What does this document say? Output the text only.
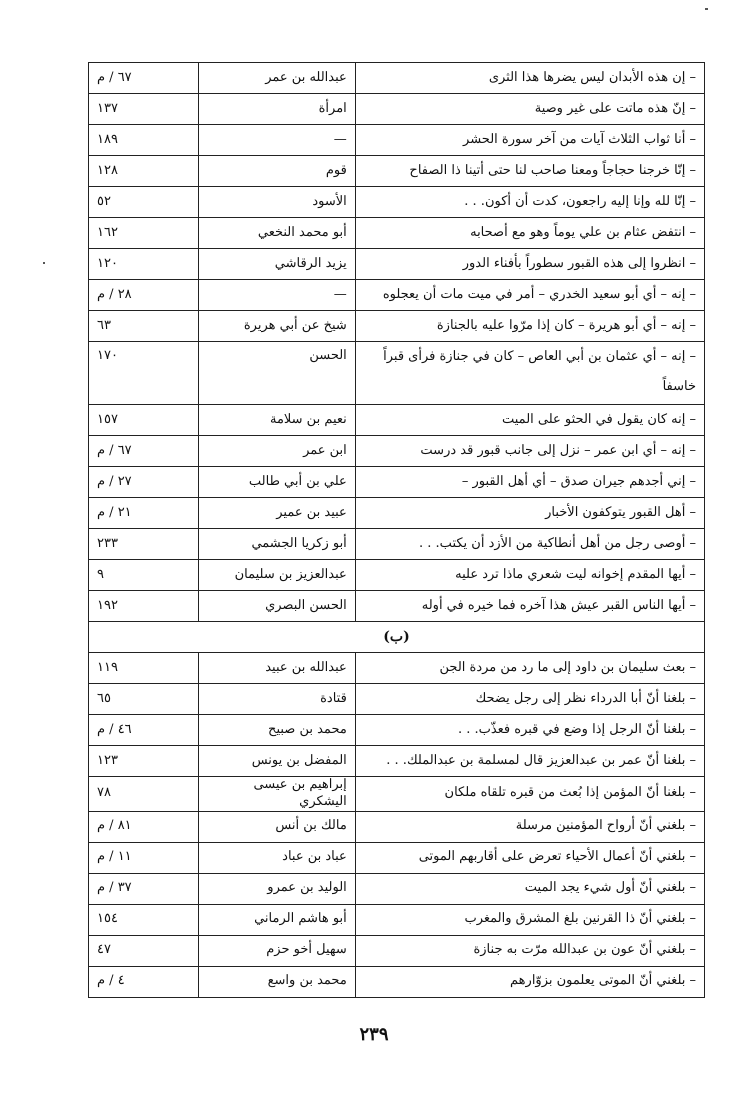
– إن هذه الأبدان ليس يضرها هذا الثرى	عبدالله بن عمر	٦٧ / م
– إنّ هذه ماتت على غير وصية	امرأة	١٣٧
– أنا ثواب الثلاث آيات من آخر سورة الحشر	—	١٨٩
– إنّا خرجنا حجاجاً ومعنا صاحب لنا حتى أتينا ذا الصفاح	قوم	١٢٨
– إنّا لله وإنا إليه راجعون، كدت أن أكون. . .	الأسود	٥٢
– انتفض عثام بن علي يوماً وهو مع أصحابه	أبو محمد النخعي	١٦٢
– انظروا إلى هذه القبور سطوراً بأفناء الدور	يزيد الرقاشي	١٢٠
– إنه – أي أبو سعيد الخدري – أمر في ميت مات أن يعجلوه	—	٢٨ / م
– إنه – أي أبو هريرة – كان إذا مرّوا عليه بالجنازة	شيخ عن أبي هريرة	٦٣
– إنه – أي عثمان بن أبي العاص – كان في جنازة فرأى قبراً خاسفاً	الحسن	١٧٠
– إنه كان يقول في الحثو على الميت	نعيم بن سلامة	١٥٧
– إنه – أي ابن عمر – نزل إلى جانب قبور قد درست	ابن عمر	٦٧ / م
– إني أجدهم جيران صدق – أي أهل القبور –	علي بن أبي طالب	٢٧ / م
– أهل القبور يتوكفون الأخبار	عبيد بن عمير	٢١ / م
– أوصى رجل من أهل أنطاكية من الأزد أن يكتب. . .	أبو زكريا الجشمي	٢٣٣
– أيها المقدم إخوانه ليت شعري ماذا ترد عليه	عبدالعزيز بن سليمان	٩
– أيها الناس القبر عيش هذا آخره فما خيره في أوله	الحسن البصري	١٩٢
(ب)		
– بعث سليمان بن داود إلى ما رد من مردة الجن	عبدالله بن عبيد	١١٩
– بلغنا أنّ أبا الدرداء نظر إلى رجل يضحك	قتادة	٦٥
– بلغنا أنّ الرجل إذا وضع في قبره فعذّب. . .	محمد بن صبيح	٤٦ / م
– بلغنا أنّ عمر بن عبدالعزيز قال لمسلمة بن عبدالملك. . .	المفضل بن يونس	١٢٣
– بلغنا أنّ المؤمن إذا بُعث من قبره تلقاه ملكان	إبراهيم بن عيسى اليشكري	٧٨
– بلغني أنّ أرواح المؤمنين مرسلة	مالك بن أنس	٨١ / م
– بلغني أنّ أعمال الأحياء تعرض على أقاربهم الموتى	عباد بن عباد	١١ / م
– بلغني أنّ أول شيء يجد الميت	الوليد بن عمرو	٣٧ / م
– بلغني أنّ ذا القرنين بلغ المشرق والمغرب	أبو هاشم الرماني	١٥٤
– بلغني أنّ عون بن عبدالله مرّت به جنازة	سهيل أخو حزم	٤٧
– بلغني أنّ الموتى يعلمون بزوّارهم	محمد بن واسع	٤ / م
٢٣٩
